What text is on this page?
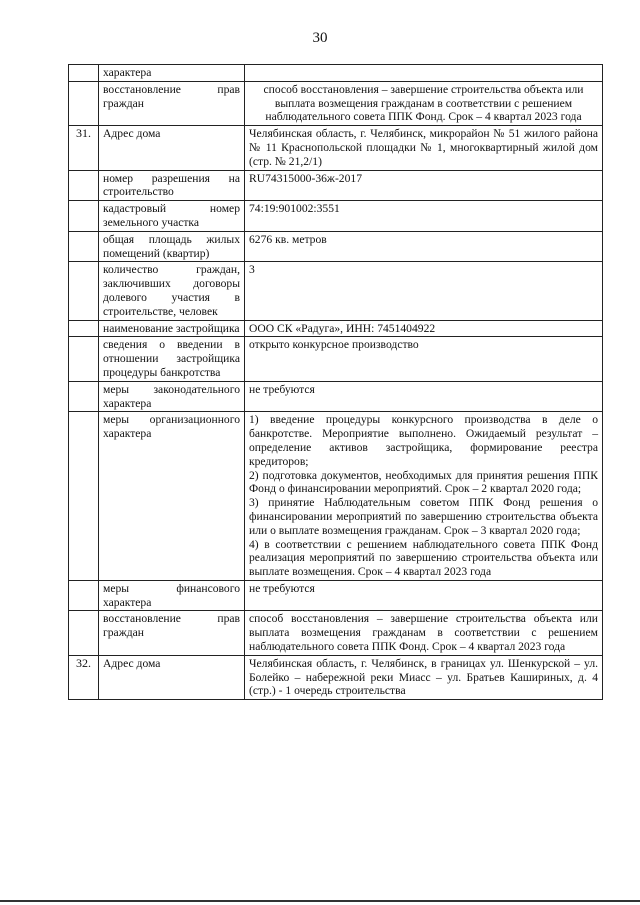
30
	характера	
	восстановление прав граждан	способ восстановления – завершение строительства объекта или выплата возмещения гражданам в соответствии с решением наблюдательного совета ППК Фонд. Срок – 4 квартал 2023 года
31.	Адрес дома	Челябинская область, г. Челябинск, микрорайон № 51 жилого района № 11 Краснопольской площадки № 1, многоквартирный жилой дом (стр. № 21,2/1)
	номер разрешения на строительство	RU74315000-36ж-2017
	кадастровый номер земельного участка	74:19:901002:3551
	общая площадь жилых помещений (квартир)	6276 кв. метров
	количество граждан, заключивших договоры долевого участия в строительстве, человек	3
	наименование застройщика	ООО СК «Радуга», ИНН: 7451404922
	сведения о введении в отношении застройщика процедуры банкротства	открыто конкурсное производство
	меры законодательного характера	не требуются
	меры организационного характера	1) введение процедуры конкурсного производства в деле о банкротстве. Мероприятие выполнено. Ожидаемый результат – определение активов застройщика, формирование реестра кредиторов;
2) подготовка документов, необходимых для принятия решения ППК Фонд о финансировании мероприятий. Срок – 2 квартал 2020 года;
3) принятие Наблюдательным советом ППК Фонд решения о финансировании мероприятий по завершению строительства объекта или о выплате возмещения гражданам. Срок – 3 квартал 2020 года;
4) в соответствии с решением наблюдательного совета ППК Фонд реализация мероприятий по завершению строительства объекта или выплате возмещения. Срок – 4 квартал 2023 года

	меры финансового характера	не требуются
	восстановление прав граждан	способ восстановления – завершение строительства объекта или выплата возмещения гражданам в соответствии с решением наблюдательного совета ППК Фонд. Срок – 4 квартал 2023 года
32.	Адрес дома	Челябинская область, г. Челябинск, в границах ул. Шенкурской – ул. Болейко – набережной реки Миасс – ул. Братьев Кашириных, д. 4 (стр.) - 1 очередь строительства
